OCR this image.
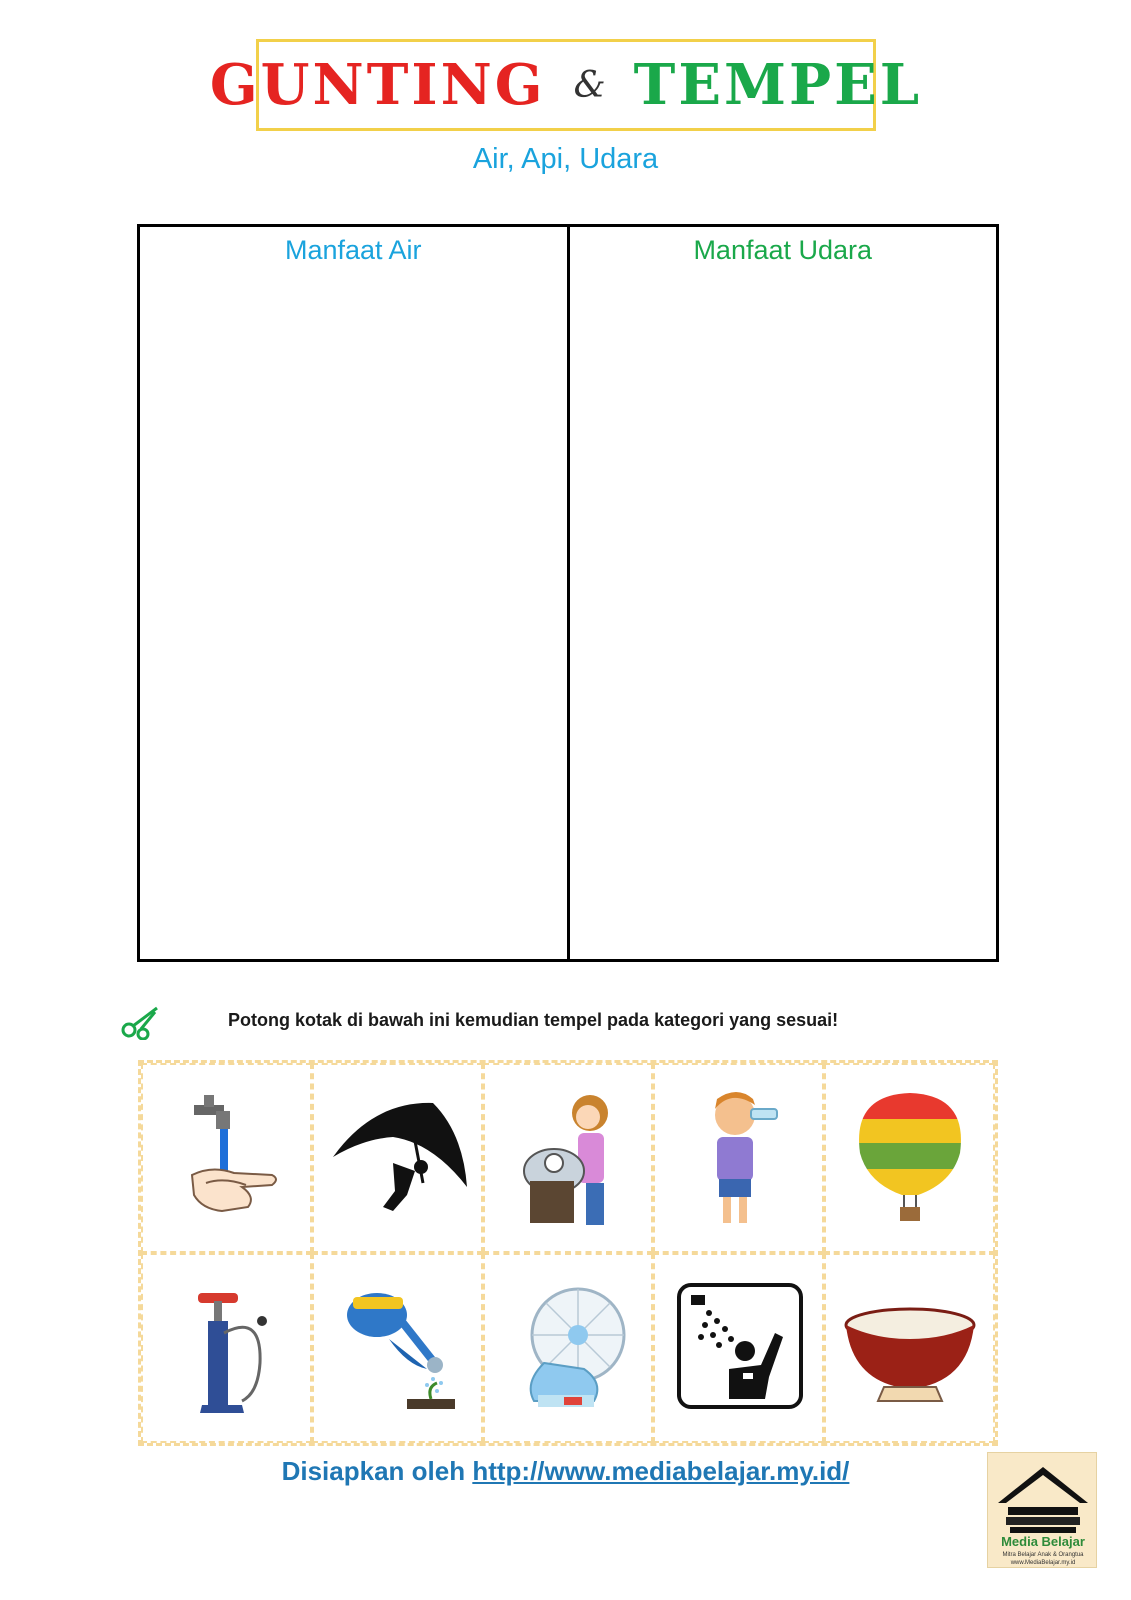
GUNTING & TEMPEL
Air, Api, Udara
Manfaat Air	Manfaat Udara
Potong kotak di bawah ini kemudian tempel pada kategori yang sesuai!
Disiapkan oleh http://www.mediabelajar.my.id/
Media Belajar
Mitra Belajar Anak & Orangtua
www.MediaBelajar.my.id
